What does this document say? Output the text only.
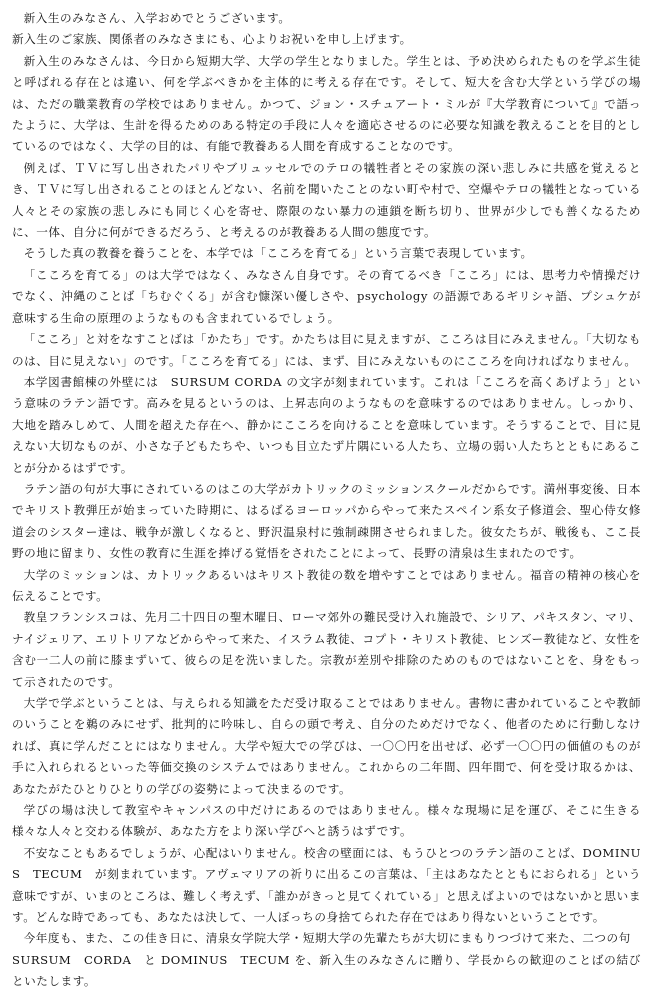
新入生のみなさん、入学おめでとうございます。

新入生のご家族、関係者のみなさまにも、心よりお祝いを申し上げます。

新入生のみなさんは、今日から短期大学、大学の学生となりました。学生とは、予め決められたものを学ぶ生徒と呼ばれる存在とは違い、何を学ぶべきかを主体的に考える存在です。そして、短大を含む大学という学びの場は、ただの職業教育の学校ではありません。かつて、ジョン・スチュアート・ミルが『大学教育について』で語ったように、大学は、生計を得るためのある特定の手段に人々を適応させるのに必要な知識を教えることを目的としているのではなく、大学の目的は、有能で教養ある人間を育成することなのです。

例えば、ＴＶに写し出されたパリやブリュッセルでのテロの犠牲者とその家族の深い悲しみに共感を覚えるとき、ＴＶに写し出されることのほとんどない、名前を聞いたことのない町や村で、空爆やテロの犠牲となっている人々とその家族の悲しみにも同じく心を寄せ、際限のない暴力の連鎖を断ち切り、世界が少しでも善くなるために、一体、自分に何ができるだろう、と考えるのが教養ある人間の態度です。

そうした真の教養を養うことを、本学では「こころを育てる」という言葉で表現しています。

「こころを育てる」のは大学ではなく、みなさん自身です。その育てるべき「こころ」には、思考力や情操だけでなく、沖縄のことば「ちむぐくる」が含む慷深い優しさや、psychology の語源であるギリシャ語、プシュケが意味する生命の原理のようなものも含まれているでしょう。

「こころ」と対をなすことばは「かたち」です。かたちは目に見えますが、こころは目にみえません。「大切なものは、目に見えない」のです。「こころを育てる」には、まず、目にみえないものにこころを向ければなりません。

本学図書館棟の外壁には　SURSUM CORDA の文字が刻まれています。これは「こころを高くあげよう」という意味のラテン語です。高みを見るというのは、上昇志向のようなものを意味するのではありません。しっかり、大地を踏みしめて、人間を超えた存在へ、静かにこころを向けることを意味しています。そうすることで、目に見えない大切なものが、小さな子どもたちや、いつも目立たず片隅にいる人たち、立場の弱い人たちとともにあることが分かるはずです。

ラテン語の句が大事にされているのはこの大学がカトリックのミッションスクールだからです。満州事変後、日本でキリスト教弾圧が始まっていた時期に、はるばるヨーロッパからやって来たスペイン系女子修道会、聖心侍女修道会のシスター達は、戦争が激しくなると、野沢温泉村に強制疎開させられました。彼女たちが、戦後も、ここ長野の地に留まり、女性の教育に生涯を捧げる覚悟をされたことによって、長野の清泉は生まれたのです。

大学のミッションは、カトリックあるいはキリスト教徒の数を増やすことではありません。福音の精神の核心を伝えることです。

教皇フランシスコは、先月二十四日の聖木曜日、ローマ郊外の難民受け入れ施設で、シリア、パキスタン、マリ、ナイジェリア、エリトリアなどからやって来た、イスラム教徒、コプト・キリスト教徒、ヒンズー教徒など、女性を含む一二人の前に膝まずいて、彼らの足を洗いました。宗教が差別や排除のためのものではないことを、身をもって示されたのです。

大学で学ぶということは、与えられる知識をただ受け取ることではありません。書物に書かれていることや教師のいうことを鵜のみにせず、批判的に吟味し、自らの頭で考え、自分のためだけでなく、他者のために行動しなければ、真に学んだことにはなりません。大学や短大での学びは、一〇〇円を出せば、必ず一〇〇円の価値のものが手に入れられるといった等価交換のシステムではありません。これからの二年間、四年間で、何を受け取るかは、あなたがたひとりひとりの学びの姿勢によって決まるのです。

学びの場は決して教室やキャンパスの中だけにあるのではありません。様々な現場に足を運び、そこに生きる様々な人々と交わる体験が、あなた方をより深い学びへと誘うはずです。

不安なこともあるでしょうが、心配はいりません。校舎の壁面には、もうひとつのラテン語のことば、DOMINUS　TECUM　が刻まれています。アヴェマリアの祈りに出るこの言葉は、「主はあなたとともにおられる」という意味ですが、いまのところは、難しく考えず、「誰かがきっと見てくれている」と思えばよいのではないかと思います。どんな時であっても、あなたは決して、一人ぼっちの身捨てられた存在ではあり得ないということです。

今年度も、また、この佳き日に、清泉女学院大学・短期大学の先輩たちが大切にまもりつづけて来た、二つの句

SURSUM　CORDA　と DOMINUS　TECUM を、新入生のみなさんに贈り、学長からの歓迎のことばの結びといたします。
